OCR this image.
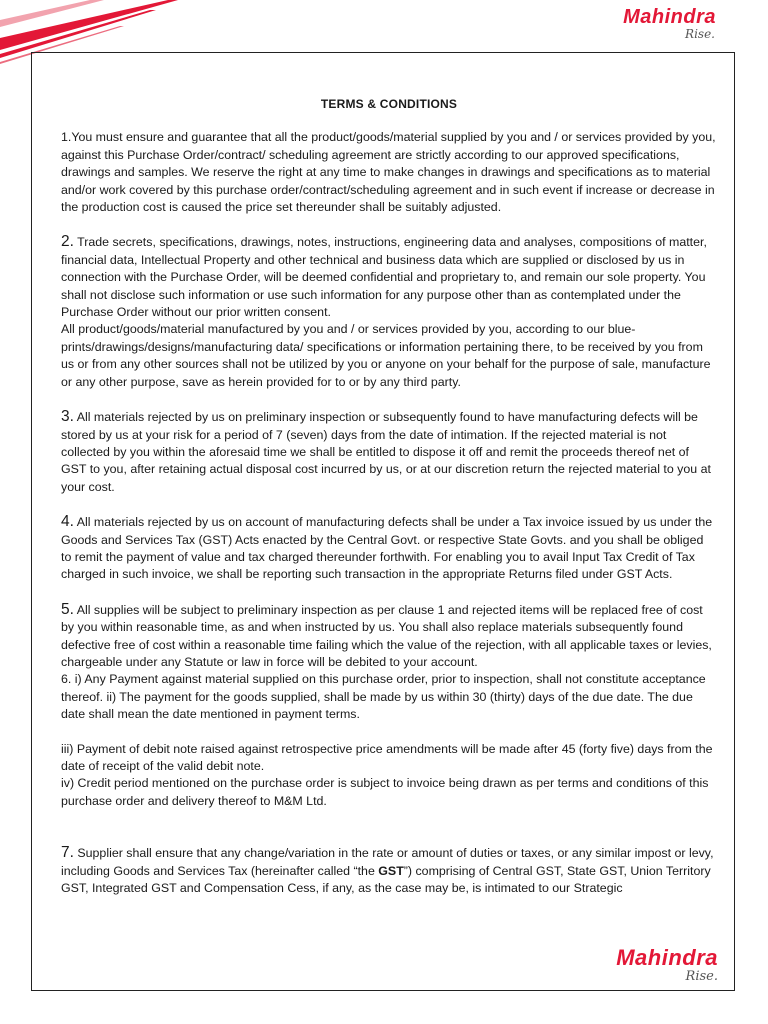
Mahindra
Rise.
TERMS & CONDITIONS

1.You must ensure and guarantee that all the product/goods/material supplied by you and / or services provided by you, against this Purchase Order/contract/ scheduling agreement are strictly according to our approved specifications, drawings and samples. We reserve the right at any time to make changes in drawings and specifications as to material and/or work covered by this purchase order/contract/scheduling agreement and in such event if increase or decrease in the production cost is caused the price set thereunder shall be suitably adjusted.

2. Trade secrets, specifications, drawings, notes, instructions, engineering data and analyses, compositions of matter, financial data, Intellectual Property and other technical and business data which are supplied or disclosed by us in connection with the Purchase Order, will be deemed confidential and proprietary to, and remain our sole property. You shall not disclose such information or use such information for any purpose other than as contemplated under the Purchase Order without our prior written consent.

All product/goods/material manufactured by you and / or services provided by you, according to our blue-prints/drawings/designs/manufacturing data/ specifications or information pertaining there, to be received by you from us or from any other sources shall not be utilized by you or anyone on your behalf for the purpose of sale, manufacture or any other purpose, save as herein provided for to or by any third party.

3. All materials rejected by us on preliminary inspection or subsequently found to have manufacturing defects will be stored by us at your risk for a period of 7 (seven) days from the date of intimation. If the rejected material is not collected by you within the aforesaid time we shall be entitled to dispose it off and remit the proceeds thereof net of GST to you, after retaining actual disposal cost incurred by us, or at our discretion return the rejected material to you at your cost.

4. All materials rejected by us on account of manufacturing defects shall be under a Tax invoice issued by us under the Goods and Services Tax (GST) Acts enacted by the Central Govt. or respective State Govts. and you shall be obliged to remit the payment of value and tax charged thereunder forthwith. For enabling you to avail Input Tax Credit of Tax charged in such invoice, we shall be reporting such transaction in the appropriate Returns filed under GST Acts.

5. All supplies will be subject to preliminary inspection as per clause 1 and rejected items will be replaced free of cost by you within reasonable time, as and when instructed by us. You shall also replace materials subsequently found defective free of cost within a reasonable time failing which the value of the rejection, with all applicable taxes or levies, chargeable under any Statute or law in force will be debited to your account.

6. i) Any Payment against material supplied on this purchase order, prior to inspection, shall not constitute acceptance thereof. ii) The payment for the goods supplied, shall be made by us within 30 (thirty) days of the due date. The due date shall mean the date mentioned in payment terms.

iii) Payment of debit note raised against retrospective price amendments will be made after 45 (forty five) days from the date of receipt of the valid debit note.

iv) Credit period mentioned on the purchase order is subject to invoice being drawn as per terms and conditions of this purchase order and delivery thereof to M&M Ltd.

7. Supplier shall ensure that any change/variation in the rate or amount of duties or taxes, or any similar impost or levy, including Goods and Services Tax (hereinafter called “the GST”) comprising of Central GST, State GST, Union Territory GST, Integrated GST and Compensation Cess, if any, as the case may be, is intimated to our Strategic

Mahindra
Rise.
